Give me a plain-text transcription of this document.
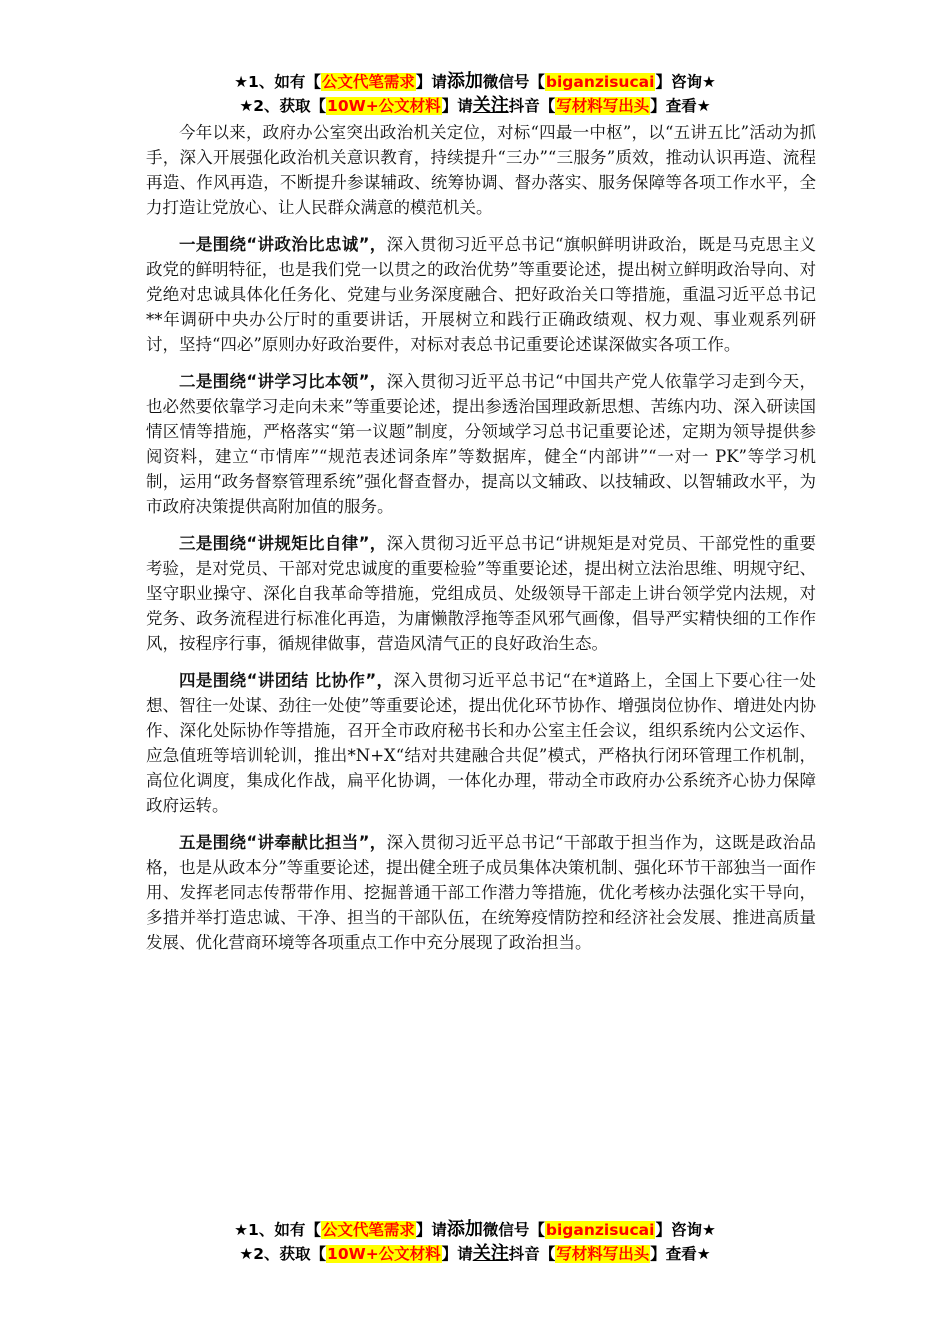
★1、如有【公文代笔需求】请添加微信号【biganzisucai】咨询★
★2、获取【10W+公文材料】请关注抖音【写材料写出头】查看★

今年以来，政府办公室突出政治机关定位，对标“四最一中枢”，以“五讲五比”活动为抓手，深入开展强化政治机关意识教育，持续提升“三办”“三服务”质效，推动认识再造、流程再造、作风再造，不断提升参谋辅政、统筹协调、督办落实、服务保障等各项工作水平，全力打造让党放心、让人民群众满意的模范机关。

一是围绕“讲政治比忠诚”，深入贯彻习近平总书记“旗帜鲜明讲政治，既是马克思主义政党的鲜明特征，也是我们党一以贯之的政治优势”等重要论述，提出树立鲜明政治导向、对党绝对忠诚具体化任务化、党建与业务深度融合、把好政治关口等措施，重温习近平总书记**年调研中央办公厅时的重要讲话，开展树立和践行正确政绩观、权力观、事业观系列研讨，坚持“四必”原则办好政治要件，对标对表总书记重要论述谋深做实各项工作。

二是围绕“讲学习比本领”，深入贯彻习近平总书记“中国共产党人依靠学习走到今天，也必然要依靠学习走向未来”等重要论述，提出参透治国理政新思想、苦练内功、深入研读国情区情等措施，严格落实“第一议题”制度，分领域学习总书记重要论述，定期为领导提供参阅资料，建立“市情库”“规范表述词条库”等数据库，健全“内部讲”“一对一 PK”等学习机制，运用“政务督察管理系统”强化督查督办，提高以文辅政、以技辅政、以智辅政水平，为市政府决策提供高附加值的服务。

三是围绕“讲规矩比自律”，深入贯彻习近平总书记“讲规矩是对党员、干部党性的重要考验，是对党员、干部对党忠诚度的重要检验”等重要论述，提出树立法治思维、明规守纪、坚守职业操守、深化自我革命等措施，党组成员、处级领导干部走上讲台领学党内法规，对党务、政务流程进行标准化再造，为庸懒散浮拖等歪风邪气画像，倡导严实精快细的工作作风，按程序行事，循规律做事，营造风清气正的良好政治生态。

四是围绕“讲团结 比协作”，深入贯彻习近平总书记“在*道路上，全国上下要心往一处想、智往一处谋、劲往一处使”等重要论述，提出优化环节协作、增强岗位协作、增进处内协作、深化处际协作等措施，召开全市政府秘书长和办公室主任会议，组织系统内公文运作、应急值班等培训轮训，推出*N+X“结对共建融合共促”模式，严格执行闭环管理工作机制，高位化调度，集成化作战，扁平化协调，一体化办理，带动全市政府办公系统齐心协力保障政府运转。

五是围绕“讲奉献比担当”，深入贯彻习近平总书记“干部敢于担当作为，这既是政治品格，也是从政本分”等重要论述，提出健全班子成员集体决策机制、强化环节干部独当一面作用、发挥老同志传帮带作用、挖掘普通干部工作潜力等措施，优化考核办法强化实干导向，多措并举打造忠诚、干净、担当的干部队伍，在统筹疫情防控和经济社会发展、推进高质量发展、优化营商环境等各项重点工作中充分展现了政治担当。

★1、如有【公文代笔需求】请添加微信号【biganzisucai】咨询★
★2、获取【10W+公文材料】请关注抖音【写材料写出头】查看★
